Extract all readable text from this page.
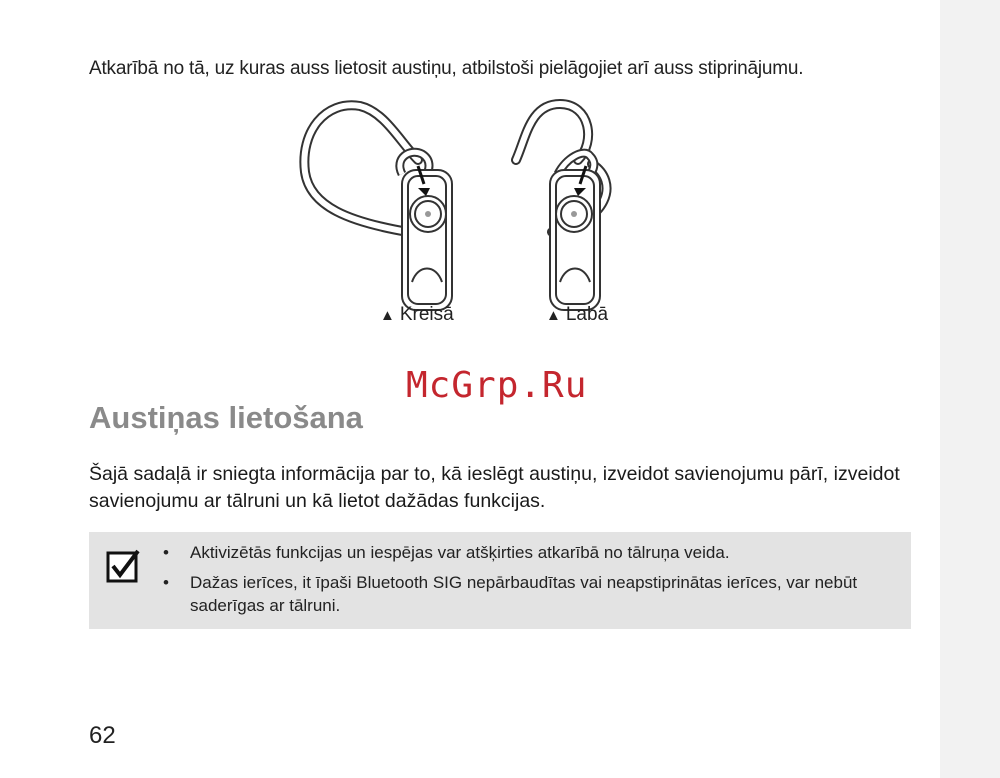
Atkarībā no tā, uz kuras auss lietosit austiņu, atbilstoši pielāgojiet arī auss stiprinājumu.

▲ Kreisā	▲ Labā
McGrp.Ru
Austiņas lietošana

Šajā sadaļā ir sniegta informācija par to, kā ieslēgt austiņu, izveidot savienojumu pārī, izveidot savienojumu ar tālruni un kā lietot dažādas funkcijas.

• Aktivizētās funkcijas un iespējas var atšķirties atkarībā no tālruņa veida.
• Dažas ierīces, it īpaši Bluetooth SIG nepārbaudītas vai neapstiprinātas ierīces, var nebūt saderīgas ar tālruni.
62
